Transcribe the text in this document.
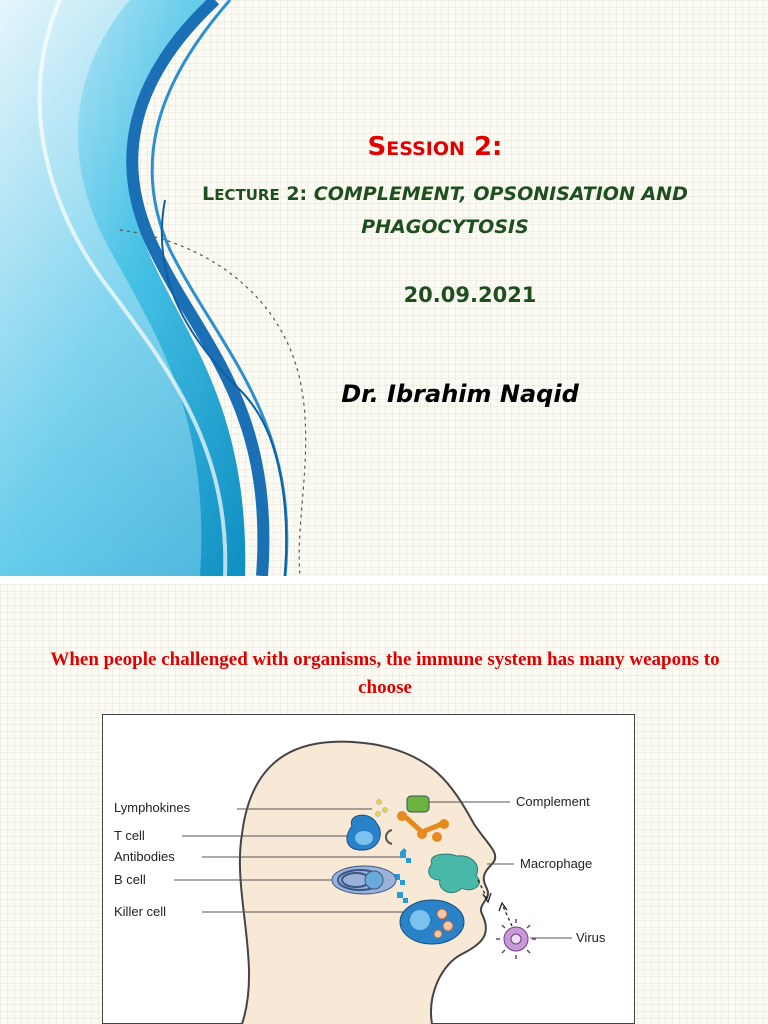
SESSION 2:
LECTURE 2: COMPLEMENT, OPSONISATION AND PHAGOCYTOSIS
20.09.2021
Dr. Ibrahim Naqid
When people challenged with organisms, the immune system has many weapons to choose
Lymphokines
T cell
Antibodies
B cell
Killer cell
Complement
Macrophage
Virus
